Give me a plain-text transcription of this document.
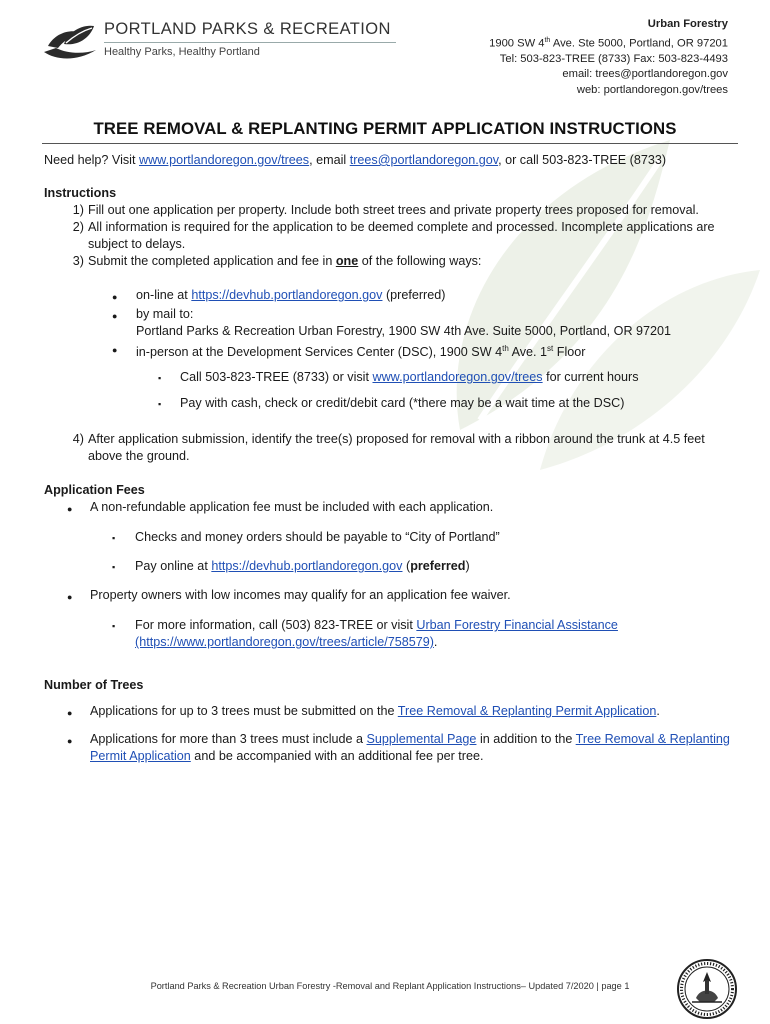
PORTLAND PARKS & RECREATION
Healthy Parks, Healthy Portland
Urban Forestry
1900 SW 4th Ave. Ste 5000, Portland, OR 97201
Tel: 503-823-TREE (8733) Fax: 503-823-4493
email: trees@portlandoregon.gov
web: portlandoregon.gov/trees
TREE REMOVAL & REPLANTING PERMIT APPLICATION INSTRUCTIONS

Need help? Visit www.portlandoregon.gov/trees, email trees@portlandoregon.gov, or call 503-823-TREE (8733)

Instructions

1) Fill out one application per property. Include both street trees and private property trees proposed for removal.
2) All information is required for the application to be deemed complete and processed. Incomplete applications are subject to delays.
3) Submit the completed application and fee in one of the following ways:
●	on-line at https://devhub.portlandoregon.gov (preferred)
●	by mail to:
Portland Parks & Recreation Urban Forestry, 1900 SW 4th Ave. Suite 5000, Portland, OR 97201
●	in-person at the Development Services Center (DSC), 1900 SW 4th Ave. 1st Floor
▪	Call 503-823-TREE (8733) or visit www.portlandoregon.gov/trees for current hours
▪	Pay with cash, check or credit/debit card (*there may be a wait time at the DSC)
4) After application submission, identify the tree(s) proposed for removal with a ribbon around the trunk at 4.5 feet above the ground.

Application Fees

●	A non-refundable application fee must be included with each application.
▪	Checks and money orders should be payable to “City of Portland”
▪	Pay online at https://devhub.portlandoregon.gov (preferred)
●	Property owners with low incomes may qualify for an application fee waiver.
▪	For more information, call (503) 823-TREE or visit Urban Forestry Financial Assistance (https://www.portlandoregon.gov/trees/article/758579).

Number of Trees

●	Applications for up to 3 trees must be submitted on the Tree Removal & Replanting Permit Application.
●	Applications for more than 3 trees must include a Supplemental Page in addition to the Tree Removal & Replanting Permit Application and be accompanied with an additional fee per tree.
Portland Parks & Recreation Urban Forestry -Removal and Replant Application Instructions– Updated 7/2020 | page 1
